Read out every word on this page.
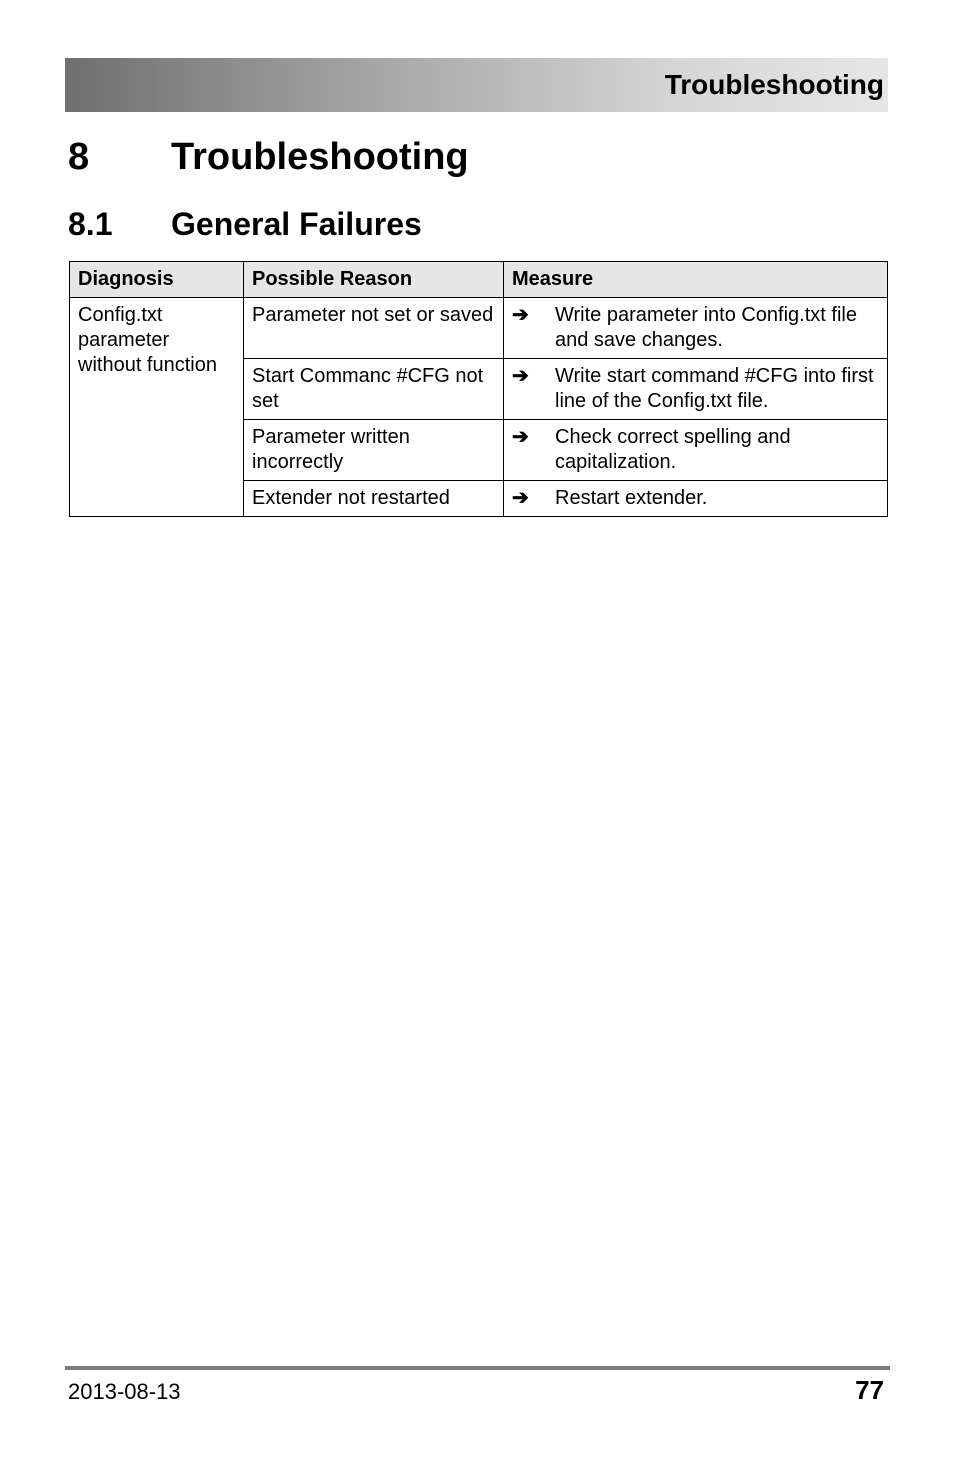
Troubleshooting
8 Troubleshooting
8.1 General Failures
Diagnosis	Possible Reason	Measure
Config.txt parameter without function	Parameter not set or saved	➔ Write parameter into Config.txt file and save changes.

	Start Commanc #CFG not set	➔ Write start command #CFG into first line of the Config.txt file.

	Parameter written incorrectly	➔ Check correct spelling and capitalization.

	Extender not restarted	➔ Restart extender.
2013-08-13	77
